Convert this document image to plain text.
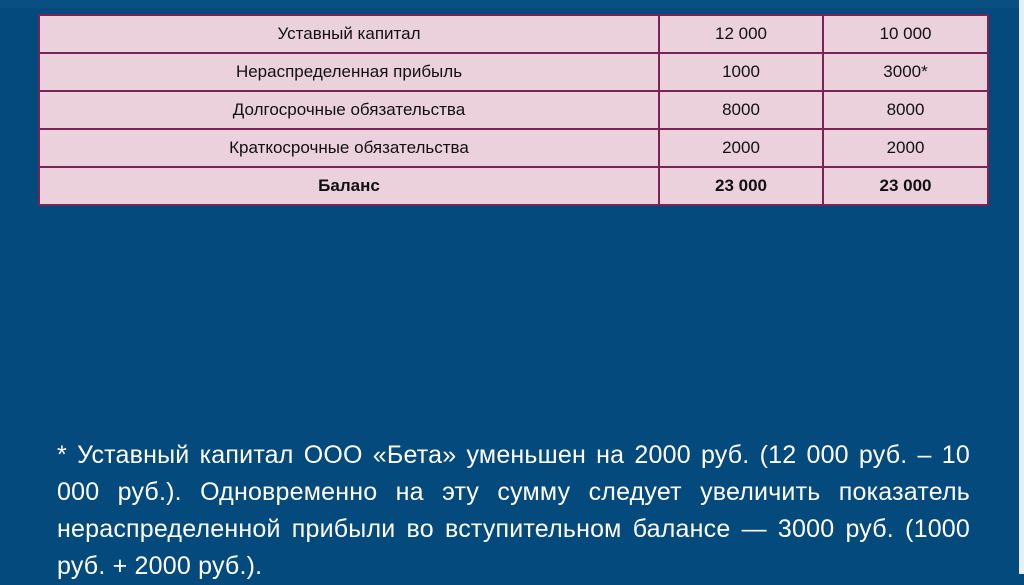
Уставный капитал	12 000	10 000
Нераспределенная прибыль	1000	3000*
Долгосрочные обязательства	8000	8000
Краткосрочные обязательства	2000	2000
Баланс	23 000	23 000

* Уставный капитал ООО «Бета» уменьшен на 2000 руб. (12 000 руб. – 10 000 руб.). Одновременно на эту сумму следует увеличить показатель нераспределенной прибыли во вступительном балансе — 3000 руб. (1000 руб. + 2000 руб.).
